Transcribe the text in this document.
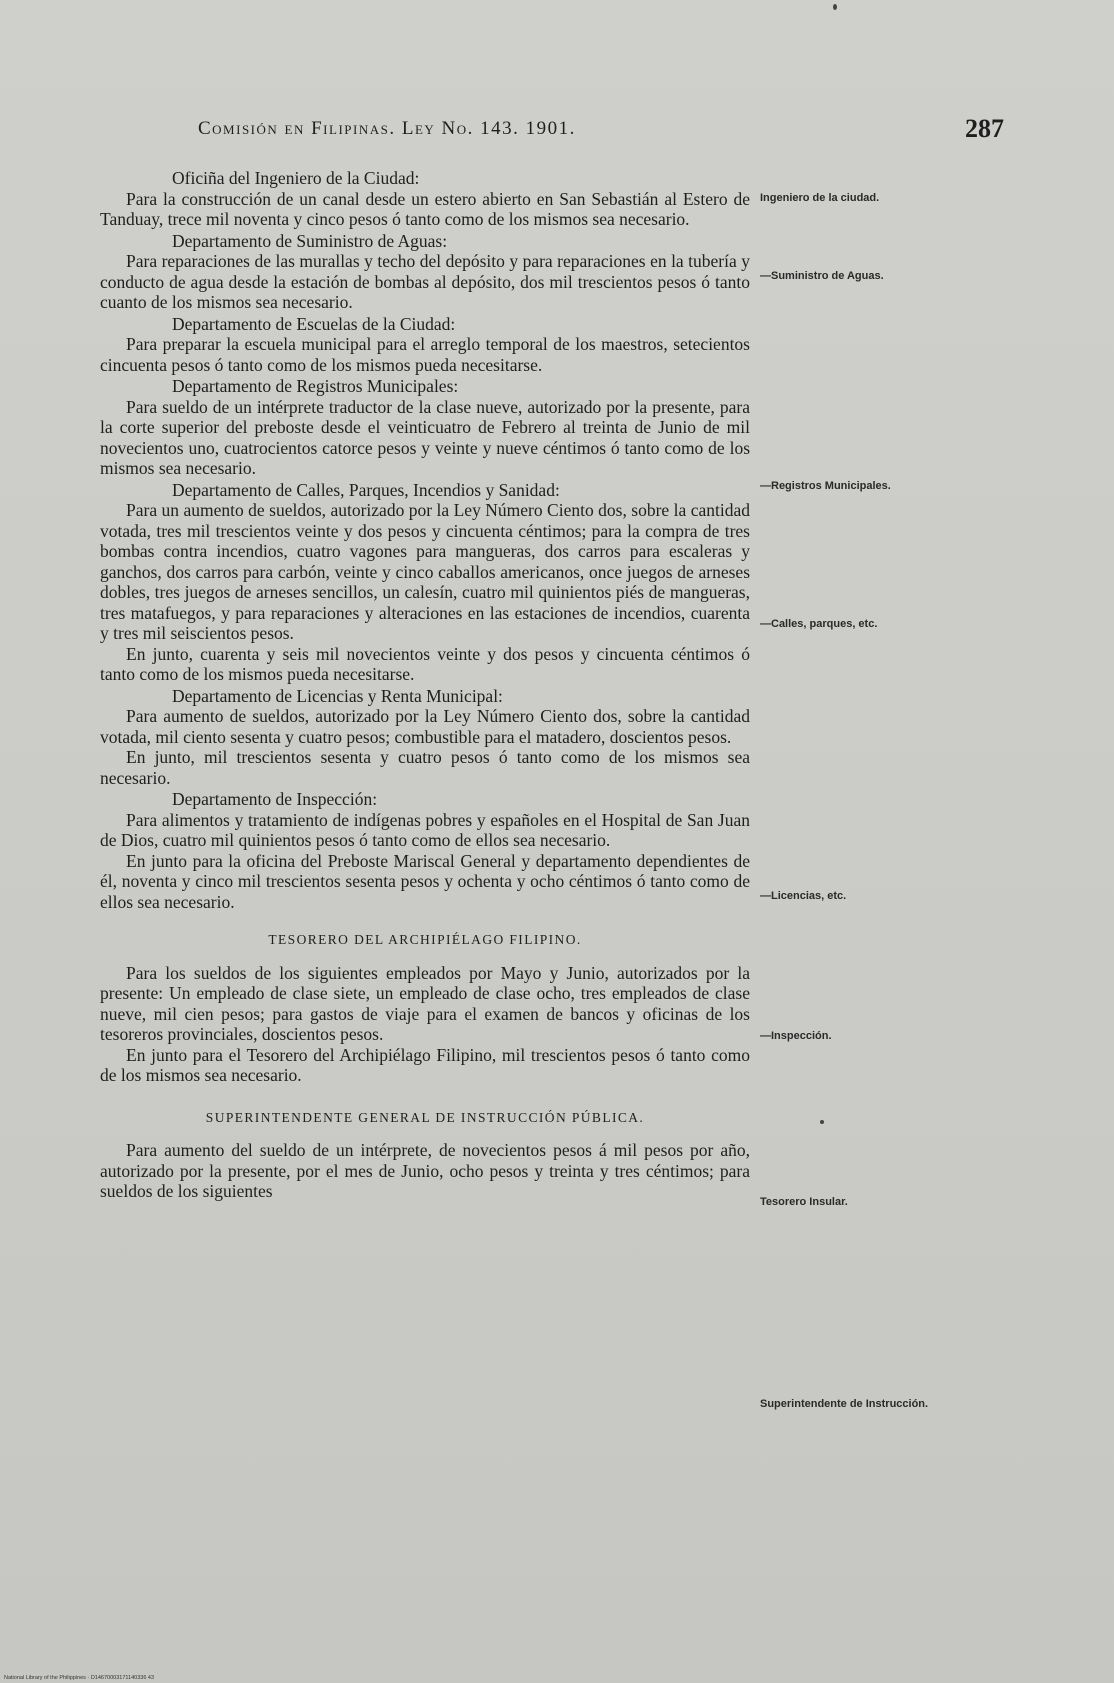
Comisión en Filipinas. Ley No. 143. 1901.	287

Oficiña del Ingeniero de la Ciudad:

Para la construcción de un canal desde un estero abierto en San Sebastián al Estero de Tanduay, trece mil noventa y cinco pesos ó tanto como de los mismos sea necesario.

Departamento de Suministro de Aguas:

Para reparaciones de las murallas y techo del depósito y para reparaciones en la tubería y conducto de agua desde la estación de bombas al depósito, dos mil trescientos pesos ó tanto cuanto de los mismos sea necesario.

Departamento de Escuelas de la Ciudad:

Para preparar la escuela municipal para el arreglo temporal de los maestros, setecientos cincuenta pesos ó tanto como de los mismos pueda necesitarse.

Departamento de Registros Municipales:

Para sueldo de un intérprete traductor de la clase nueve, autorizado por la presente, para la corte superior del preboste desde el veinticuatro de Febrero al treinta de Junio de mil novecientos uno, cuatrocientos catorce pesos y veinte y nueve céntimos ó tanto como de los mismos sea necesario.

Departamento de Calles, Parques, Incendios y Sanidad:

Para un aumento de sueldos, autorizado por la Ley Número Ciento dos, sobre la cantidad votada, tres mil trescientos veinte y dos pesos y cincuenta céntimos; para la compra de tres bombas contra incendios, cuatro vagones para mangueras, dos carros para escaleras y ganchos, dos carros para carbón, veinte y cinco caballos americanos, once juegos de arneses dobles, tres juegos de arneses sencillos, un calesín, cuatro mil quinientos piés de mangueras, tres matafuegos, y para reparaciones y alteraciones en las estaciones de incendios, cuarenta y tres mil seiscientos pesos.

En junto, cuarenta y seis mil novecientos veinte y dos pesos y cincuenta céntimos ó tanto como de los mismos pueda necesitarse.

Departamento de Licencias y Renta Municipal:

Para aumento de sueldos, autorizado por la Ley Número Ciento dos, sobre la cantidad votada, mil ciento sesenta y cuatro pesos; combustible para el matadero, doscientos pesos.

En junto, mil trescientos sesenta y cuatro pesos ó tanto como de los mismos sea necesario.

Departamento de Inspección:

Para alimentos y tratamiento de indígenas pobres y españoles en el Hospital de San Juan de Dios, cuatro mil quinientos pesos ó tanto como de ellos sea necesario.

En junto para la oficina del Preboste Mariscal General y departamento dependientes de él, noventa y cinco mil trescientos sesenta pesos y ochenta y ocho céntimos ó tanto como de ellos sea necesario.

TESORERO DEL ARCHIPIÉLAGO FILIPINO.

Para los sueldos de los siguientes empleados por Mayo y Junio, autorizados por la presente: Un empleado de clase siete, un empleado de clase ocho, tres empleados de clase nueve, mil cien pesos; para gastos de viaje para el examen de bancos y oficinas de los tesoreros provinciales, doscientos pesos.

En junto para el Tesorero del Archipiélago Filipino, mil trescientos pesos ó tanto como de los mismos sea necesario.

SUPERINTENDENTE GENERAL DE INSTRUCCIÓN PÚBLICA.

Para aumento del sueldo de un intérprete, de novecientos pesos á mil pesos por año, autorizado por la presente, por el mes de Junio, ocho pesos y treinta y tres céntimos; para sueldos de los siguientes

Ingeniero de la ciudad.
—Suministro de Aguas.
—Registros Municipales.
—Calles, parques, etc.
—Licencias, etc.
—Inspección.
Tesorero Insular.
Superintendente de Instrucción.
National Library of the Philippines · D14670003171140336 43
